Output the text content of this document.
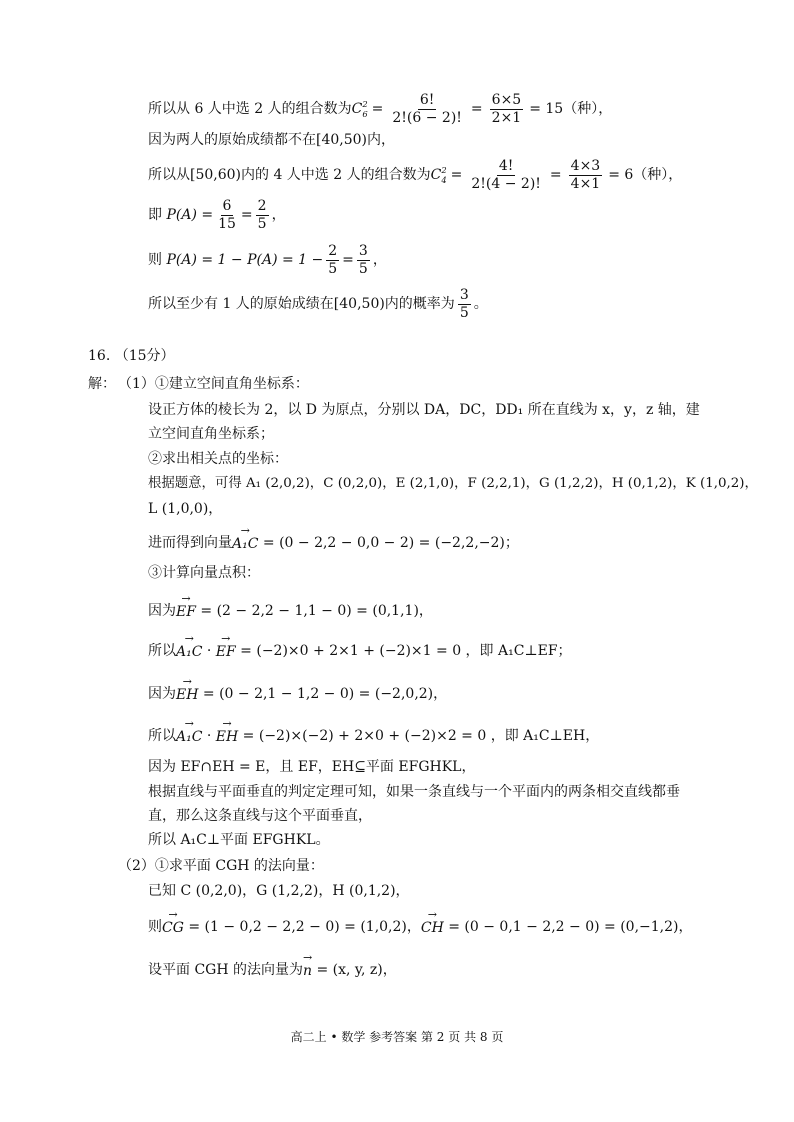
所以从 6 人中选 2 人的组合数为 C 2
$6 = \frac{6!}{2!(6 - 2)!} = \frac{6\times 5}{2\times 1} = 15$（种），
因为两人的原始成绩都不在[40,50)内，
所以从[50,60)内的 4 人中选 2 人的组合数为 C 2
$4 = \frac{4!}{2!(4 - 2)!} = \frac{4\times 3}{4\times 1} = 6$（种），
即 $P(A) = \frac{6}{15} = \frac{2}{5}$ ，
则 $P(A) = 1 - P(A) = 1 - \frac{2}{5} = \frac{3}{5}$ ，
所以至少有 1 人的原始成绩在[40,50)内的概率为 $\frac{3}{5}$ 。
16. （15分）
解： （1）①建立空间直角坐标系：
设正方体的棱长为 2，以 D 为原点，分别以 DA，DC，DD₁ 所在直线为 x，y，z 轴，建
立空间直角坐标系；
②求出相关点的坐标：
根据题意，可得 A₁ (2,0,2)，C (0,2,0)，E (2,1,0)，F (2,2,1)，G (1,2,2)，H (0,1,2)，K (1,0,2)，
L (1,0,0)，
进而得到向量 A₁C → = (0 − 2,2 − 0,0 − 2) = (−2,2,−2)；
③计算向量点积：
因为 EF → = (2 − 2,2 − 1,1 − 0) = (0,1,1)，
所以 A₁C → · EF → = (−2)×0 + 2×1 + (−2)×1 = 0 ，即 A₁C⊥EF；
因为 EH → = (0 − 2,1 − 1,2 − 0) = (−2,0,2)，
所以 A₁C → · EH → = (−2)×(−2) + 2×0 + (−2)×2 = 0 ，即 A₁C⊥EH，
因为 EF∩EH = E，且 EF，EH⊆平面 EFGHKL，
根据直线与平面垂直的判定定理可知，如果一条直线与一个平面内的两条相交直线都垂
直，那么这条直线与这个平面垂直，
所以 A₁C⊥平面 EFGHKL。
（2）①求平面 CGH 的法向量：
已知 C (0,2,0)，G (1,2,2)，H (0,1,2)，
则 CG → = (1 − 0,2 − 2,2 − 0) = (1,0,2)， CH → = (0 − 0,1 − 2,2 − 0) = (0,−1,2)，
设平面 CGH 的法向量为 n → = (x, y, z)，
高二上 • 数学 参考答案 第 2 页 共 8 页
